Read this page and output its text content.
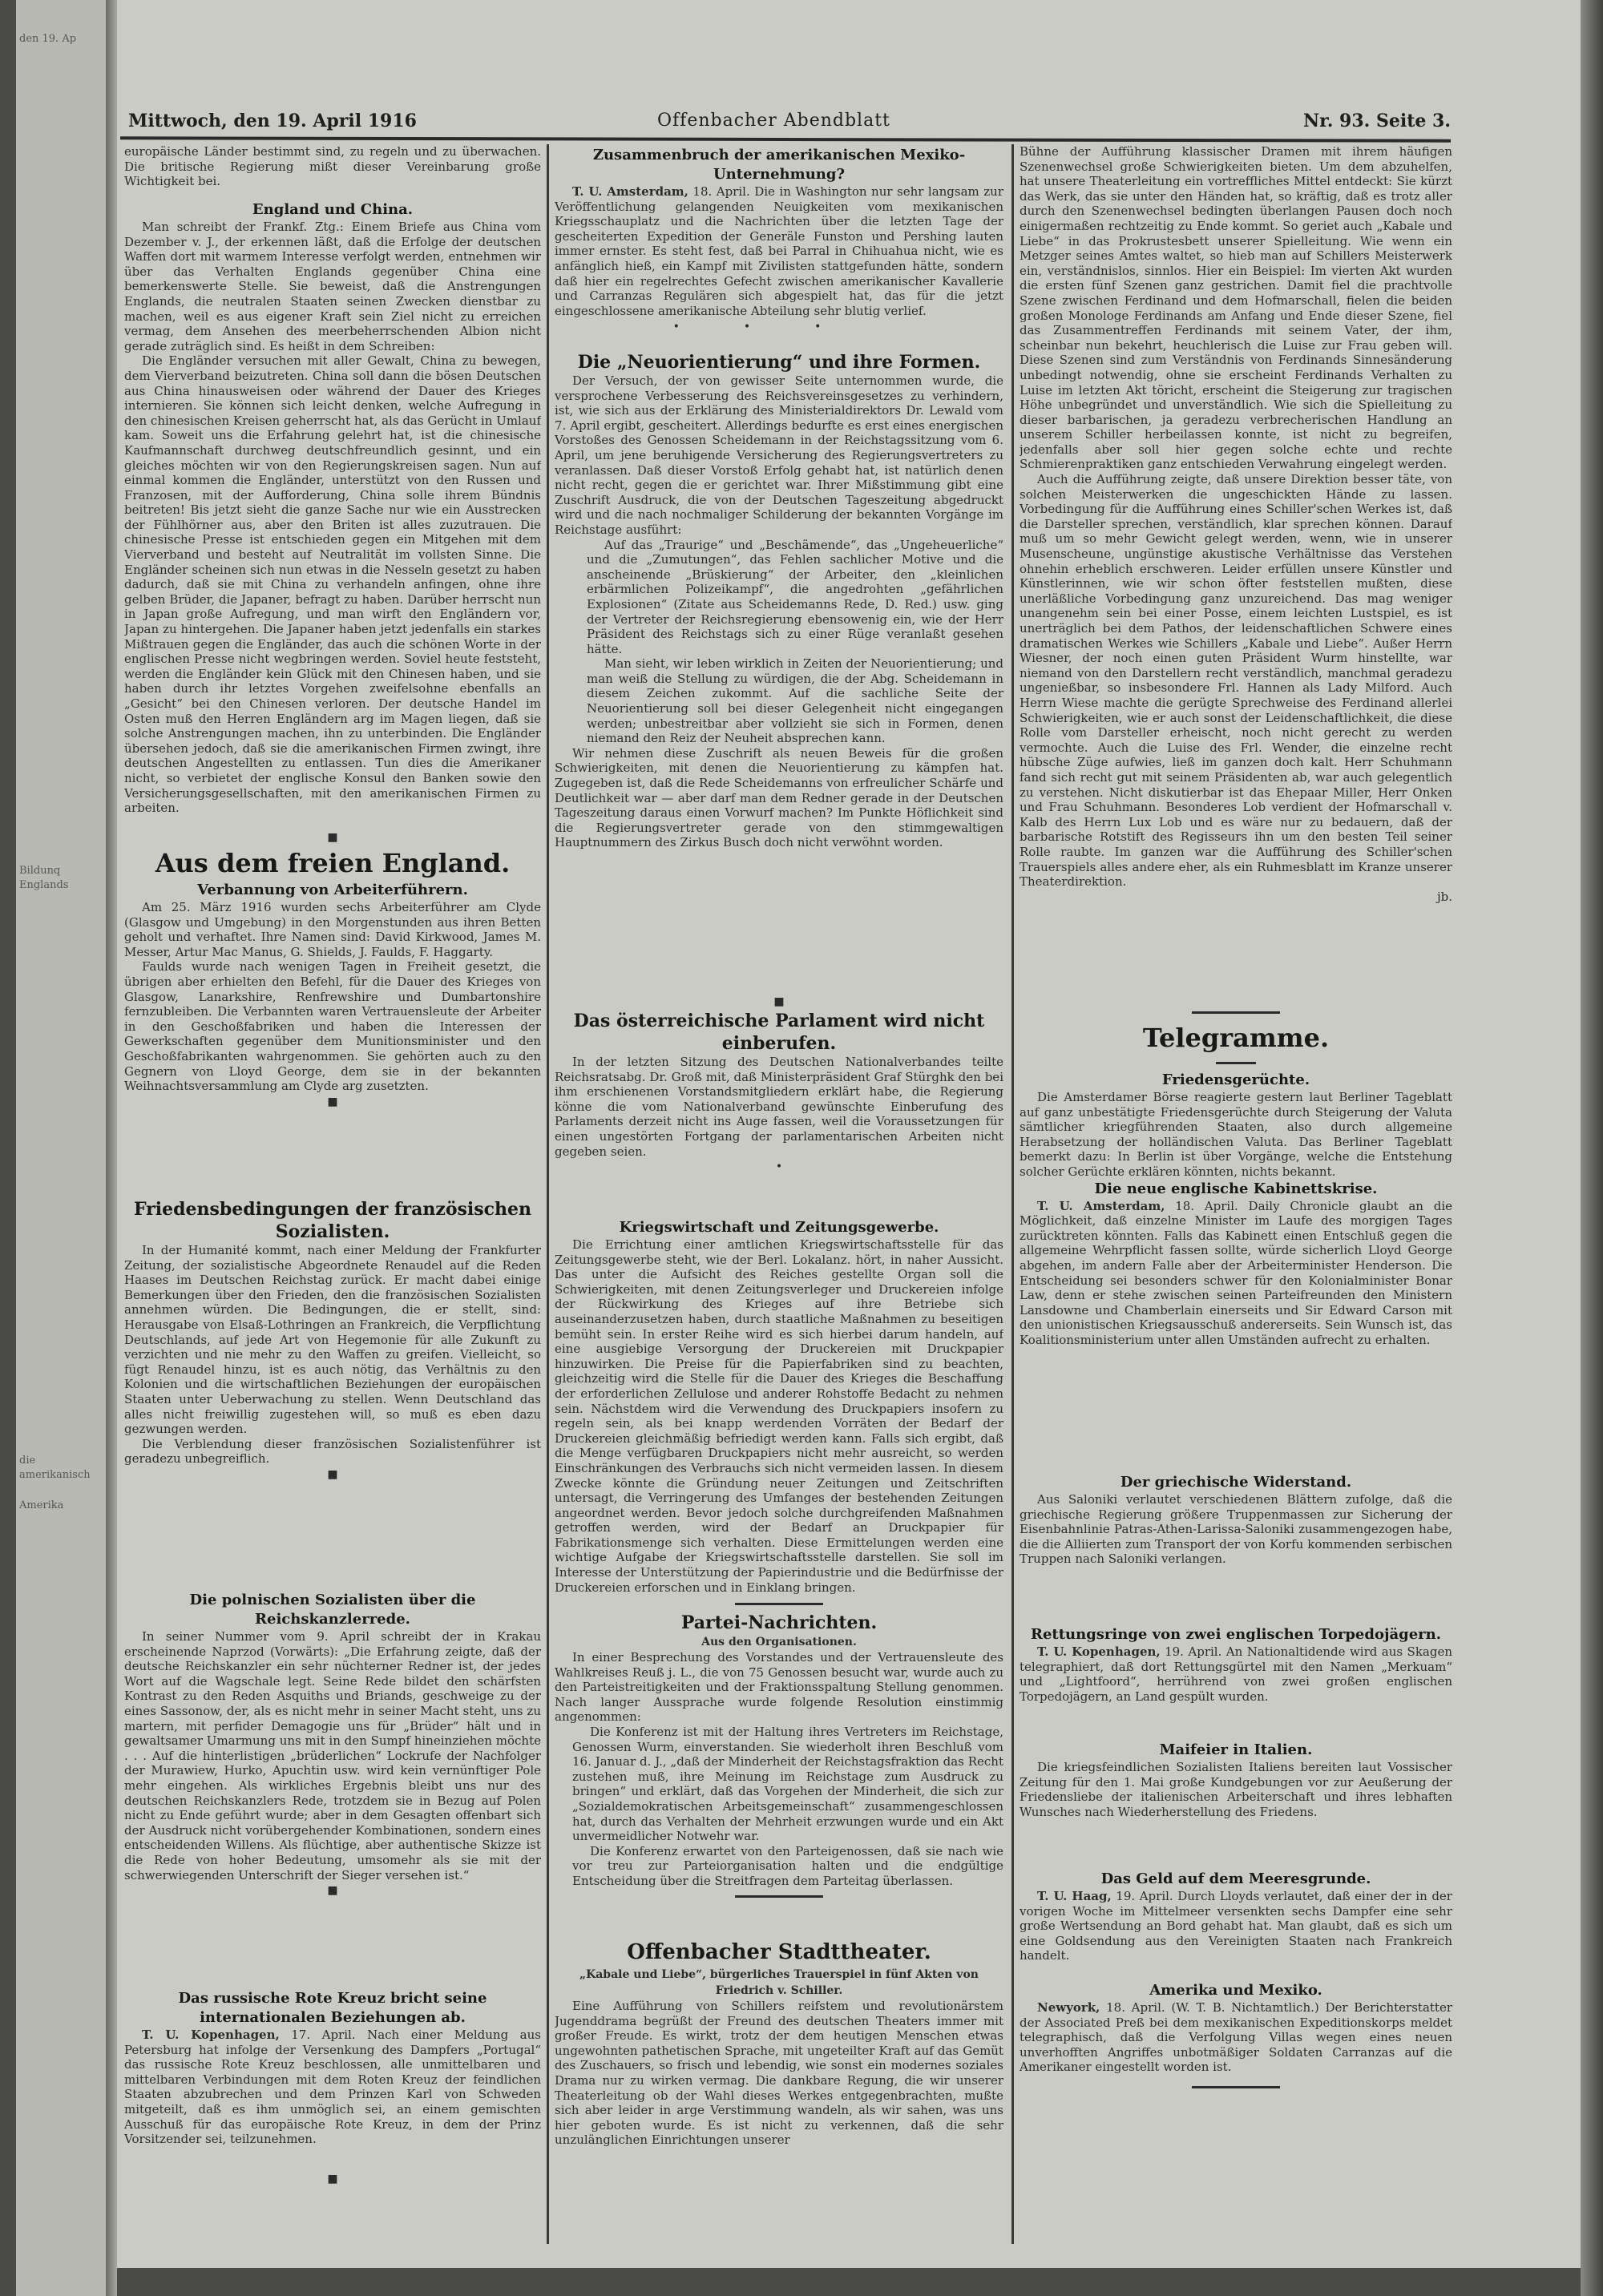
den 19. Ap

Bildunq Englands

die amerikanisch

Amerika

Mittwoch, den 19. April 1916	Offenbacher Abendblatt	Nr. 93. Seite 3.

europäische Länder bestimmt sind, zu regeln und zu überwachen. Die britische Regierung mißt dieser Vereinbarung große Wichtigkeit bei.

England und China.

Man schreibt der Frankf. Ztg.: Einem Briefe aus China vom Dezember v. J., der erkennen läßt, daß die Erfolge der deutschen Waffen dort mit warmem Interesse verfolgt werden, entnehmen wir über das Verhalten Englands gegenüber China eine bemerkenswerte Stelle. Sie beweist, daß die Anstrengungen Englands, die neutralen Staaten seinen Zwecken dienstbar zu machen, weil es aus eigener Kraft sein Ziel nicht zu erreichen vermag, dem Ansehen des meerbeherrschenden Albion nicht gerade zuträglich sind. Es heißt in dem Schreiben:

Die Engländer versuchen mit aller Gewalt, China zu bewegen, dem Vierverband beizutreten. China soll dann die bösen Deutschen aus China hinausweisen oder während der Dauer des Krieges internieren. Sie können sich leicht denken, welche Aufregung in den chinesischen Kreisen geherrscht hat, als das Gerücht in Umlauf kam. Soweit uns die Erfahrung gelehrt hat, ist die chinesische Kaufmannschaft durchweg deutschfreundlich gesinnt, und ein gleiches möchten wir von den Regierungskreisen sagen. Nun auf einmal kommen die Engländer, unterstützt von den Russen und Franzosen, mit der Aufforderung, China solle ihrem Bündnis beitreten! Bis jetzt sieht die ganze Sache nur wie ein Ausstrecken der Fühlhörner aus, aber den Briten ist alles zuzutrauen. Die chinesische Presse ist entschieden gegen ein Mitgehen mit dem Vierverband und besteht auf Neutralität im vollsten Sinne. Die Engländer scheinen sich nun etwas in die Nesseln gesetzt zu haben dadurch, daß sie mit China zu verhandeln anfingen, ohne ihre gelben Brüder, die Japaner, befragt zu haben. Darüber herrscht nun in Japan große Aufregung, und man wirft den Engländern vor, Japan zu hintergehen. Die Japaner haben jetzt jedenfalls ein starkes Mißtrauen gegen die Engländer, das auch die schönen Worte in der englischen Presse nicht wegbringen werden. Soviel heute feststeht, werden die Engländer kein Glück mit den Chinesen haben, und sie haben durch ihr letztes Vorgehen zweifelsohne ebenfalls an „Gesicht“ bei den Chinesen verloren. Der deutsche Handel im Osten muß den Herren Engländern arg im Magen liegen, daß sie solche Anstrengungen machen, ihn zu unterbinden. Die Engländer übersehen jedoch, daß sie die amerikanischen Firmen zwingt, ihre deutschen Angestellten zu entlassen. Tun dies die Amerikaner nicht, so verbietet der englische Konsul den Banken sowie den Versicherungsgesellschaften, mit den amerikanischen Firmen zu arbeiten.

■
Aus dem freien England.
Verbannung von Arbeiterführern.

Am 25. März 1916 wurden sechs Arbeiterführer am Clyde (Glasgow und Umgebung) in den Morgenstunden aus ihren Betten geholt und verhaftet. Ihre Namen sind: David Kirkwood, James M. Messer, Artur Mac Manus, G. Shields, J. Faulds, F. Haggarty.

Faulds wurde nach wenigen Tagen in Freiheit gesetzt, die übrigen aber erhielten den Befehl, für die Dauer des Krieges von Glasgow, Lanarkshire, Renfrewshire und Dumbartonshire fernzubleiben. Die Verbannten waren Vertrauensleute der Arbeiter in den Geschoßfabriken und haben die Interessen der Gewerkschaften gegenüber dem Munitionsminister und den Geschoßfabrikanten wahrgenommen. Sie gehörten auch zu den Gegnern von Lloyd George, dem sie in der bekannten Weihnachtsversammlung am Clyde arg zusetzten.

■
Friedensbedingungen der französischen Sozialisten.

In der Humanité kommt, nach einer Meldung der Frankfurter Zeitung, der sozialistische Abgeordnete Renaudel auf die Reden Haases im Deutschen Reichstag zurück. Er macht dabei einige Bemerkungen über den Frieden, den die französischen Sozialisten annehmen würden. Die Bedingungen, die er stellt, sind: Herausgabe von Elsaß-Lothringen an Frankreich, die Verpflichtung Deutschlands, auf jede Art von Hegemonie für alle Zukunft zu verzichten und nie mehr zu den Waffen zu greifen. Vielleicht, so fügt Renaudel hinzu, ist es auch nötig, das Verhältnis zu den Kolonien und die wirtschaftlichen Beziehungen der europäischen Staaten unter Ueberwachung zu stellen. Wenn Deutschland das alles nicht freiwillig zugestehen will, so muß es eben dazu gezwungen werden.

Die Verblendung dieser französischen Sozialistenführer ist geradezu unbegreiflich.

■
Die polnischen Sozialisten über die Reichskanzlerrede.

In seiner Nummer vom 9. April schreibt der in Krakau erscheinende Naprzod (Vorwärts): „Die Erfahrung zeigte, daß der deutsche Reichskanzler ein sehr nüchterner Redner ist, der jedes Wort auf die Wagschale legt. Seine Rede bildet den schärfsten Kontrast zu den Reden Asquiths und Briands, geschweige zu der eines Sassonow, der, als es nicht mehr in seiner Macht steht, uns zu martern, mit perfider Demagogie uns für „Brüder“ hält und in gewaltsamer Umarmung uns mit in den Sumpf hineinziehen möchte . . . Auf die hinterlistigen „brüderlichen“ Lockrufe der Nachfolger der Murawiew, Hurko, Apuchtin usw. wird kein vernünftiger Pole mehr eingehen. Als wirkliches Ergebnis bleibt uns nur des deutschen Reichskanzlers Rede, trotzdem sie in Bezug auf Polen nicht zu Ende geführt wurde; aber in dem Gesagten offenbart sich der Ausdruck nicht vorübergehender Kombinationen, sondern eines entscheidenden Willens. Als flüchtige, aber authentische Skizze ist die Rede von hoher Bedeutung, umsomehr als sie mit der schwerwiegenden Unterschrift der Sieger versehen ist.“

■
Das russische Rote Kreuz bricht seine internationalen Beziehungen ab.

T. U. Kopenhagen, 17. April. Nach einer Meldung aus Petersburg hat infolge der Versenkung des Dampfers „Portugal“ das russische Rote Kreuz beschlossen, alle unmittelbaren und mittelbaren Verbindungen mit dem Roten Kreuz der feindlichen Staaten abzubrechen und dem Prinzen Karl von Schweden mitgeteilt, daß es ihm unmöglich sei, an einem gemischten Ausschuß für das europäische Rote Kreuz, in dem der Prinz Vorsitzender sei, teilzunehmen.

■
Zusammenbruch der amerikanischen Mexiko-Unternehmung?

T. U. Amsterdam, 18. April. Die in Washington nur sehr langsam zur Veröffentlichung gelangenden Neuigkeiten vom mexikanischen Kriegsschauplatz und die Nachrichten über die letzten Tage der gescheiterten Expedition der Generäle Funston und Pershing lauten immer ernster. Es steht fest, daß bei Parral in Chihuahua nicht, wie es anfänglich hieß, ein Kampf mit Zivilisten stattgefunden hätte, sondern daß hier ein regelrechtes Gefecht zwischen amerikanischer Kavallerie und Carranzas Regulären sich abgespielt hat, das für die jetzt eingeschlossene amerikanische Abteilung sehr blutig verlief.

•••
Die „Neuorientierung“ und ihre Formen.

Der Versuch, der von gewisser Seite unternommen wurde, die versprochene Verbesserung des Reichsvereinsgesetzes zu verhindern, ist, wie sich aus der Erklärung des Ministerialdirektors Dr. Lewald vom 7. April ergibt, gescheitert. Allerdings bedurfte es erst eines energischen Vorstoßes des Genossen Scheidemann in der Reichstagssitzung vom 6. April, um jene beruhigende Versicherung des Regierungsvertreters zu veranlassen. Daß dieser Vorstoß Erfolg gehabt hat, ist natürlich denen nicht recht, gegen die er gerichtet war. Ihrer Mißstimmung gibt eine Zuschrift Ausdruck, die von der Deutschen Tageszeitung abgedruckt wird und die nach nochmaliger Schilderung der bekannten Vorgänge im Reichstage ausführt:

Auf das „Traurige“ und „Beschämende“, das „Ungeheuerliche“ und die „Zumutungen“, das Fehlen sachlicher Motive und die anscheinende „Brüskierung“ der Arbeiter, den „kleinlichen erbärmlichen Polizeikampf“, die angedrohten „gefährlichen Explosionen“ (Zitate aus Scheidemanns Rede, D. Red.) usw. ging der Vertreter der Reichsregierung ebensowenig ein, wie der Herr Präsident des Reichstags sich zu einer Rüge veranlaßt gesehen hätte.

Man sieht, wir leben wirklich in Zeiten der Neuorientierung; und man weiß die Stellung zu würdigen, die der Abg. Scheidemann in diesem Zeichen zukommt. Auf die sachliche Seite der Neuorientierung soll bei dieser Gelegenheit nicht eingegangen werden; unbestreitbar aber vollzieht sie sich in Formen, denen niemand den Reiz der Neuheit absprechen kann.

Wir nehmen diese Zuschrift als neuen Beweis für die großen Schwierigkeiten, mit denen die Neuorientierung zu kämpfen hat. Zugegeben ist, daß die Rede Scheidemanns von erfreulicher Schärfe und Deutlichkeit war — aber darf man dem Redner gerade in der Deutschen Tageszeitung daraus einen Vorwurf machen? Im Punkte Höflichkeit sind die Regierungsvertreter gerade von den stimmgewaltigen Hauptnummern des Zirkus Busch doch nicht verwöhnt worden.

■
Das österreichische Parlament wird nicht einberufen.

In der letzten Sitzung des Deutschen Nationalverbandes teilte Reichsratsabg. Dr. Groß mit, daß Ministerpräsident Graf Stürghk den bei ihm erschienenen Vorstandsmitgliedern erklärt habe, die Regierung könne die vom Nationalverband gewünschte Einberufung des Parlaments derzeit nicht ins Auge fassen, weil die Voraussetzungen für einen ungestörten Fortgang der parlamentarischen Arbeiten nicht gegeben seien.

•
Kriegswirtschaft und Zeitungsgewerbe.

Die Errichtung einer amtlichen Kriegswirtschaftsstelle für das Zeitungsgewerbe steht, wie der Berl. Lokalanz. hört, in naher Aussicht. Das unter die Aufsicht des Reiches gestellte Organ soll die Schwierigkeiten, mit denen Zeitungsverleger und Druckereien infolge der Rückwirkung des Krieges auf ihre Betriebe sich auseinanderzusetzen haben, durch staatliche Maßnahmen zu beseitigen bemüht sein. In erster Reihe wird es sich hierbei darum handeln, auf eine ausgiebige Versorgung der Druckereien mit Druckpapier hinzuwirken. Die Preise für die Papierfabriken sind zu beachten, gleichzeitig wird die Stelle für die Dauer des Krieges die Beschaffung der erforderlichen Zellulose und anderer Rohstoffe Bedacht zu nehmen sein. Nächstdem wird die Verwendung des Druckpapiers insofern zu regeln sein, als bei knapp werdenden Vorräten der Bedarf der Druckereien gleichmäßig befriedigt werden kann. Falls sich ergibt, daß die Menge verfügbaren Druckpapiers nicht mehr ausreicht, so werden Einschränkungen des Verbrauchs sich nicht vermeiden lassen. In diesem Zwecke könnte die Gründung neuer Zeitungen und Zeitschriften untersagt, die Verringerung des Umfanges der bestehenden Zeitungen angeordnet werden. Bevor jedoch solche durchgreifenden Maßnahmen getroffen werden, wird der Bedarf an Druckpapier für Fabrikationsmenge sich verhalten. Diese Ermittelungen werden eine wichtige Aufgabe der Kriegswirtschaftsstelle darstellen. Sie soll im Interesse der Unterstützung der Papierindustrie und die Bedürfnisse der Druckereien erforschen und in Einklang bringen.

Partei-Nachrichten.

Aus den Organisationen.

In einer Besprechung des Vorstandes und der Vertrauensleute des Wahlkreises Reuß j. L., die von 75 Genossen besucht war, wurde auch zu den Parteistreitigkeiten und der Fraktionsspaltung Stellung genommen. Nach langer Aussprache wurde folgende Resolution einstimmig angenommen:

Die Konferenz ist mit der Haltung ihres Vertreters im Reichstage, Genossen Wurm, einverstanden. Sie wiederholt ihren Beschluß vom 16. Januar d. J., „daß der Minderheit der Reichstagsfraktion das Recht zustehen muß, ihre Meinung im Reichstage zum Ausdruck zu bringen“ und erklärt, daß das Vorgehen der Minderheit, die sich zur „Sozialdemokratischen Arbeitsgemeinschaft“ zusammengeschlossen hat, durch das Verhalten der Mehrheit erzwungen wurde und ein Akt unvermeidlicher Notwehr war.

Die Konferenz erwartet von den Parteigenossen, daß sie nach wie vor treu zur Parteiorganisation halten und die endgültige Entscheidung über die Streitfragen dem Parteitag überlassen.

Offenbacher Stadttheater.

„Kabale und Liebe“, bürgerliches Trauerspiel in fünf Akten von Friedrich v. Schiller.

Eine Aufführung von Schillers reifstem und revolutionärstem Jugenddrama begrüßt der Freund des deutschen Theaters immer mit großer Freude. Es wirkt, trotz der dem heutigen Menschen etwas ungewohnten pathetischen Sprache, mit ungeteilter Kraft auf das Gemüt des Zuschauers, so frisch und lebendig, wie sonst ein modernes soziales Drama nur zu wirken vermag. Die dankbare Regung, die wir unserer Theaterleitung ob der Wahl dieses Werkes entgegenbrachten, mußte sich aber leider in arge Verstimmung wandeln, als wir sahen, was uns hier geboten wurde. Es ist nicht zu verkennen, daß die sehr unzulänglichen Einrichtungen unserer

Bühne der Aufführung klassischer Dramen mit ihrem häufigen Szenenwechsel große Schwierigkeiten bieten. Um dem abzuhelfen, hat unsere Theaterleitung ein vortreffliches Mittel entdeckt: Sie kürzt das Werk, das sie unter den Händen hat, so kräftig, daß es trotz aller durch den Szenenwechsel bedingten überlangen Pausen doch noch einigermaßen rechtzeitig zu Ende kommt. So geriet auch „Kabale und Liebe“ in das Prokrustesbett unserer Spielleitung. Wie wenn ein Metzger seines Amtes waltet, so hieb man auf Schillers Meisterwerk ein, verständnislos, sinnlos. Hier ein Beispiel: Im vierten Akt wurden die ersten fünf Szenen ganz gestrichen. Damit fiel die prachtvolle Szene zwischen Ferdinand und dem Hofmarschall, fielen die beiden großen Monologe Ferdinands am Anfang und Ende dieser Szene, fiel das Zusammentreffen Ferdinands mit seinem Vater, der ihm, scheinbar nun bekehrt, heuchlerisch die Luise zur Frau geben will. Diese Szenen sind zum Verständnis von Ferdinands Sinnesänderung unbedingt notwendig, ohne sie erscheint Ferdinands Verhalten zu Luise im letzten Akt töricht, erscheint die Steigerung zur tragischen Höhe unbegründet und unverständlich. Wie sich die Spielleitung zu dieser barbarischen, ja geradezu verbrecherischen Handlung an unserem Schiller herbeilassen konnte, ist nicht zu begreifen, jedenfalls aber soll hier gegen solche echte und rechte Schmierenpraktiken ganz entschieden Verwahrung eingelegt werden.

Auch die Aufführung zeigte, daß unsere Direktion besser täte, von solchen Meisterwerken die ungeschickten Hände zu lassen. Vorbedingung für die Aufführung eines Schiller'schen Werkes ist, daß die Darsteller sprechen, verständlich, klar sprechen können. Darauf muß um so mehr Gewicht gelegt werden, wenn, wie in unserer Musenscheune, ungünstige akustische Verhältnisse das Verstehen ohnehin erheblich erschweren. Leider erfüllen unsere Künstler und Künstlerinnen, wie wir schon öfter feststellen mußten, diese unerläßliche Vorbedingung ganz unzureichend. Das mag weniger unangenehm sein bei einer Posse, einem leichten Lustspiel, es ist unerträglich bei dem Pathos, der leidenschaftlichen Schwere eines dramatischen Werkes wie Schillers „Kabale und Liebe“. Außer Herrn Wiesner, der noch einen guten Präsident Wurm hinstellte, war niemand von den Darstellern recht verständlich, manchmal geradezu ungenießbar, so insbesondere Frl. Hannen als Lady Milford. Auch Herrn Wiese machte die gerügte Sprechweise des Ferdinand allerlei Schwierigkeiten, wie er auch sonst der Leidenschaftlichkeit, die diese Rolle vom Darsteller erheischt, noch nicht gerecht zu werden vermochte. Auch die Luise des Frl. Wender, die einzelne recht hübsche Züge aufwies, ließ im ganzen doch kalt. Herr Schuhmann fand sich recht gut mit seinem Präsidenten ab, war auch gelegentlich zu verstehen. Nicht diskutierbar ist das Ehepaar Miller, Herr Onken und Frau Schuhmann. Besonderes Lob verdient der Hofmarschall v. Kalb des Herrn Lux Lob und es wäre nur zu bedauern, daß der barbarische Rotstift des Regisseurs ihn um den besten Teil seiner Rolle raubte. Im ganzen war die Aufführung des Schiller'schen Trauerspiels alles andere eher, als ein Ruhmesblatt im Kranze unserer Theaterdirektion.

jb.

Telegramme.
Friedensgerüchte.

Die Amsterdamer Börse reagierte gestern laut Berliner Tageblatt auf ganz unbestätigte Friedensgerüchte durch Steigerung der Valuta sämtlicher kriegführenden Staaten, also durch allgemeine Herabsetzung der holländischen Valuta. Das Berliner Tageblatt bemerkt dazu: In Berlin ist über Vorgänge, welche die Entstehung solcher Gerüchte erklären könnten, nichts bekannt.

Die neue englische Kabinettskrise.

T. U. Amsterdam, 18. April. Daily Chronicle glaubt an die Möglichkeit, daß einzelne Minister im Laufe des morgigen Tages zurücktreten könnten. Falls das Kabinett einen Entschluß gegen die allgemeine Wehrpflicht fassen sollte, würde sicherlich Lloyd George abgehen, im andern Falle aber der Arbeiterminister Henderson. Die Entscheidung sei besonders schwer für den Kolonialminister Bonar Law, denn er stehe zwischen seinen Parteifreunden den Ministern Lansdowne und Chamberlain einerseits und Sir Edward Carson mit den unionistischen Kriegsausschuß andererseits. Sein Wunsch ist, das Koalitionsministerium unter allen Umständen aufrecht zu erhalten.

Der griechische Widerstand.

Aus Saloniki verlautet verschiedenen Blättern zufolge, daß die griechische Regierung größere Truppenmassen zur Sicherung der Eisenbahnlinie Patras-Athen-Larissa-Saloniki zusammengezogen habe, die die Alliierten zum Transport der von Korfu kommenden serbischen Truppen nach Saloniki verlangen.

Rettungsringe von zwei englischen Torpedojägern.

T. U. Kopenhagen, 19. April. An Nationaltidende wird aus Skagen telegraphiert, daß dort Rettungsgürtel mit den Namen „Merkuam“ und „Lightfoord“, herrührend von zwei großen englischen Torpedojägern, an Land gespült wurden.

Maifeier in Italien.

Die kriegsfeindlichen Sozialisten Italiens bereiten laut Vossischer Zeitung für den 1. Mai große Kundgebungen vor zur Aeußerung der Friedensliebe der italienischen Arbeiterschaft und ihres lebhaften Wunsches nach Wiederherstellung des Friedens.

Das Geld auf dem Meeresgrunde.

T. U. Haag, 19. April. Durch Lloyds verlautet, daß einer der in der vorigen Woche im Mittelmeer versenkten sechs Dampfer eine sehr große Wertsendung an Bord gehabt hat. Man glaubt, daß es sich um eine Goldsendung aus den Vereinigten Staaten nach Frankreich handelt.

Amerika und Mexiko.

Newyork, 18. April. (W. T. B. Nichtamtlich.) Der Berichterstatter der Associated Preß bei dem mexikanischen Expeditionskorps meldet telegraphisch, daß die Verfolgung Villas wegen eines neuen unverhofften Angriffes unbotmäßiger Soldaten Carranzas auf die Amerikaner eingestellt worden ist.
